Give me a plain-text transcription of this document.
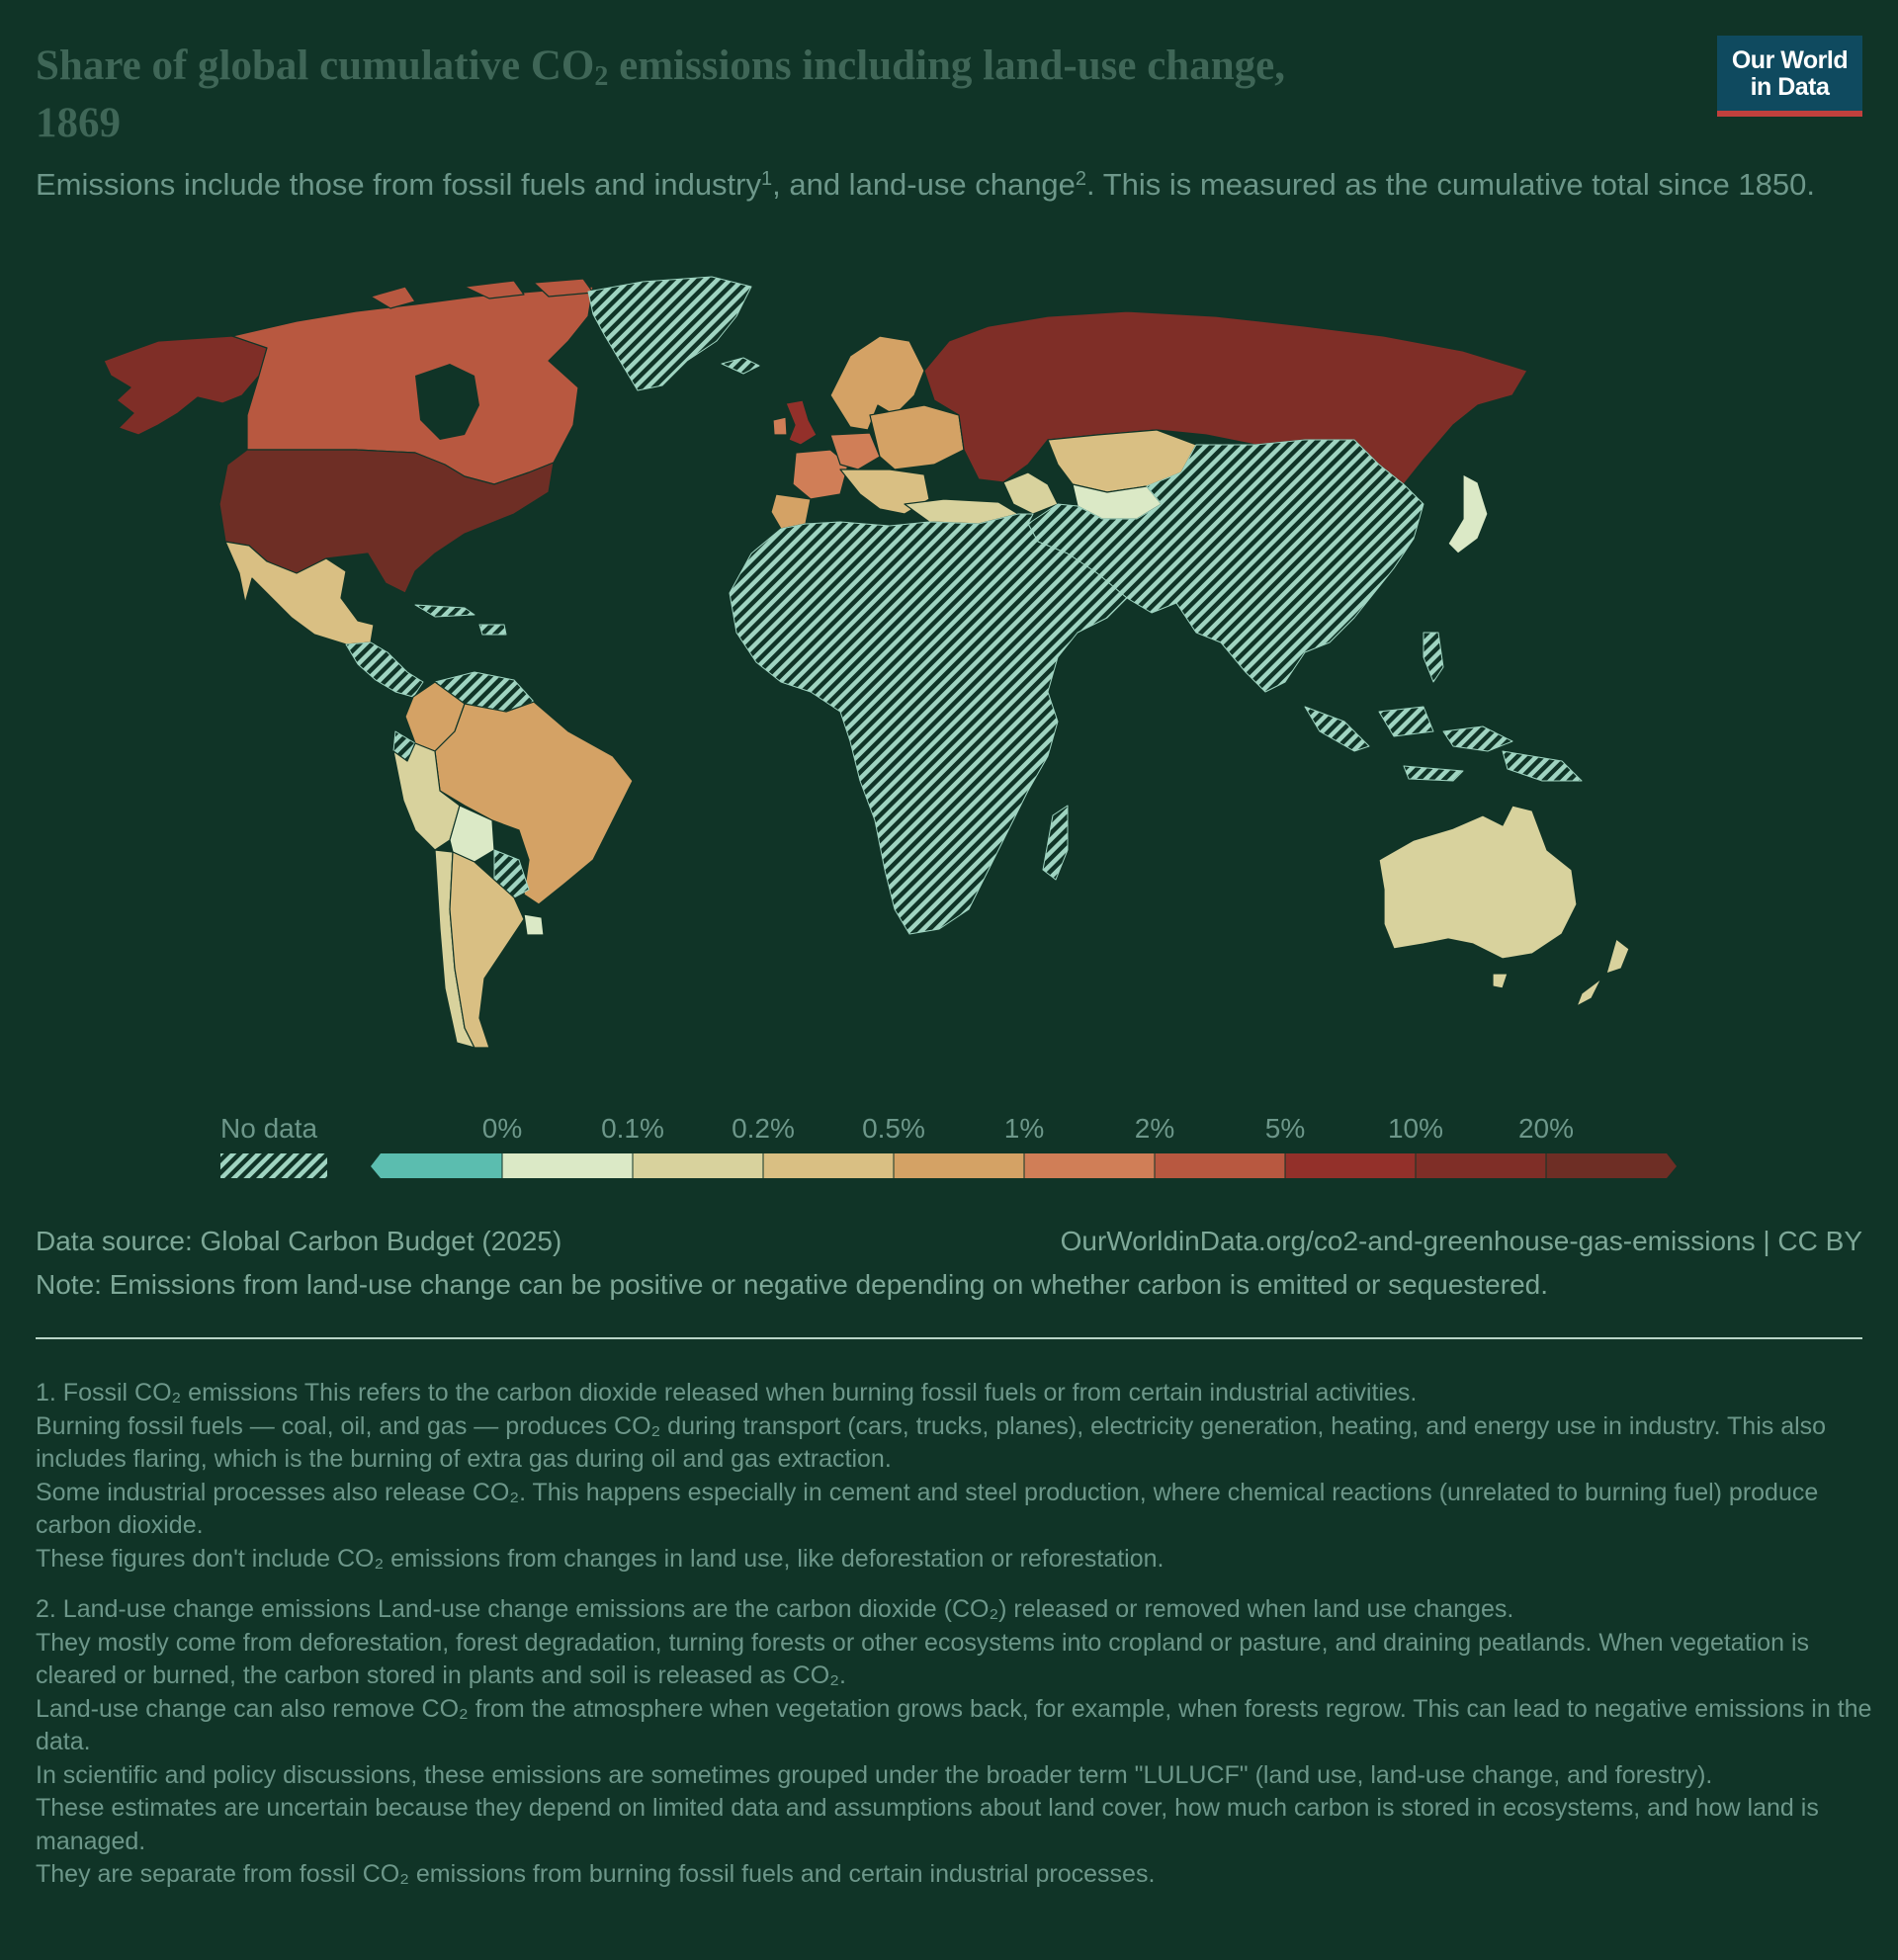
Share of global cumulative $CO_2$ emissions including land-use change,
1869
Our World
in Data

Emissions include those from fossil fuels and industry$^1$, and land-use change$^2$. This is measured as the cumulative total since 1850.

No data	0%	0.1% 0.2% 0.5%	1%	2%	5%	10%	20%
Data source: Global Carbon Budget (2025)	OurWorldinData.org/co2-and-greenhouse-gas-emissions | CC BY
Note: Emissions from land-use change can be positive or negative depending on whether carbon is emitted or sequestered.

1. Fossil CO₂ emissions This refers to the carbon dioxide released when burning fossil fuels or from certain industrial activities.

Burning fossil fuels — coal, oil, and gas — produces CO₂ during transport (cars, trucks, planes), electricity generation, heating, and energy use in industry. This also includes flaring, which is the burning of extra gas during oil and gas extraction.

Some industrial processes also release CO₂. This happens especially in cement and steel production, where chemical reactions (unrelated to burning fuel) produce carbon dioxide.

These figures don't include CO₂ emissions from changes in land use, like deforestation or reforestation.

2. Land-use change emissions Land-use change emissions are the carbon dioxide (CO₂) released or removed when land use changes.

They mostly come from deforestation, forest degradation, turning forests or other ecosystems into cropland or pasture, and draining peatlands. When vegetation is cleared or burned, the carbon stored in plants and soil is released as CO₂.

Land-use change can also remove CO₂ from the atmosphere when vegetation grows back, for example, when forests regrow. This can lead to negative emissions in the data.

In scientific and policy discussions, these emissions are sometimes grouped under the broader term "LULUCF" (land use, land-use change, and forestry).

These estimates are uncertain because they depend on limited data and assumptions about land cover, how much carbon is stored in ecosystems, and how land is managed.

They are separate from fossil CO₂ emissions from burning fossil fuels and certain industrial processes.
